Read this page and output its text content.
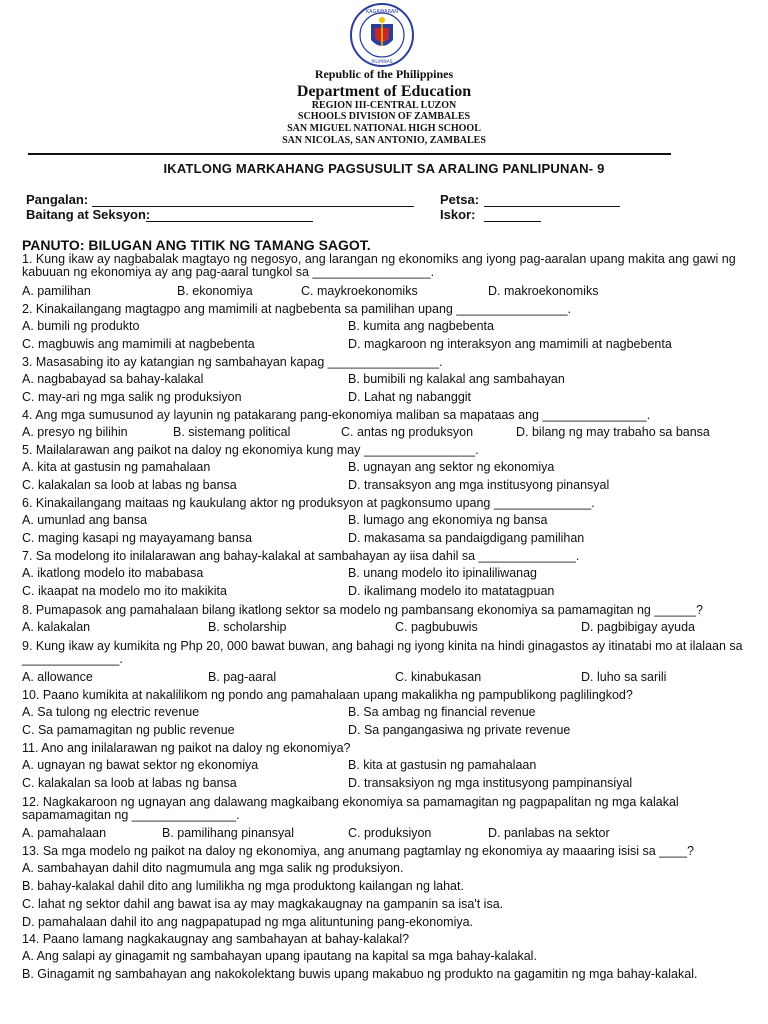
KAGAWARAN
PILIPINAS
Republic of the Philippines
Department of Education
REGION III-CENTRAL LUZON
SCHOOLS DIVISION OF ZAMBALES
SAN MIGUEL NATIONAL HIGH SCHOOL
SAN NICOLAS, SAN ANTONIO, ZAMBALES
IKATLONG MARKAHANG PAGSUSULIT SA ARALING PANLIPUNAN- 9
Pangalan:	Petsa:
Baitang at Seksyon:	Iskor:
PANUTO: BILUGAN ANG TITIK NG TAMANG SAGOT.
1. Kung ikaw ay nagbabalak magtayo ng negosyo, ang larangan ng ekonomiks ang iyong pag-aaralan upang makita ang gawi ng kabuuan ng ekonomiya ay ang pag-aaral tungkol sa _________________.
A. pamilihan	B. ekonomiya	C. maykroekonomiks	D. makroekonomiks
2. Kinakailangang magtagpo ang mamimili at nagbebenta sa pamilihan upang ________________.
A. bumili ng produkto	B. kumita ang nagbebenta
C. magbuwis ang mamimili at nagbebenta	D. magkaroon ng interaksyon ang mamimili at nagbebenta
3. Masasabing ito ay katangian ng sambahayan kapag ________________.
A. nagbabayad sa bahay-kalakal	B. bumibili ng kalakal ang sambahayan
C. may-ari ng mga salik ng produksiyon	D. Lahat ng nabanggit
4. Ang mga sumusunod ay layunin ng patakarang pang-ekonomiya maliban sa mapataas ang _______________.
A. presyo ng bilihin	B. sistemang political	C. antas ng produksyon	D. bilang ng may trabaho sa bansa
5. Mailalarawan ang paikot na daloy ng ekonomiya kung may ________________.
A. kita at gastusin ng pamahalaan	B. ugnayan ang sektor ng ekonomiya
C. kalakalan sa loob at labas ng bansa	D. transaksyon ang mga institusyong pinansyal
6. Kinakailangang maitaas ng kaukulang aktor ng produksyon at pagkonsumo upang ______________.
A. umunlad ang bansa	B. lumago ang ekonomiya ng bansa
C. maging kasapi ng mayayamang bansa	D. makasama sa pandaigdigang pamilihan
7. Sa modelong ito inilalarawan ang bahay-kalakal at sambahayan ay iisa dahil sa ______________.
A. ikatlong modelo ito mababasa	B. unang modelo ito ipinaliliwanag
C. ikaapat na modelo mo ito makikita	D. ikalimang modelo ito matatagpuan
8. Pumapasok ang pamahalaan bilang ikatlong sektor sa modelo ng pambansang ekonomiya sa pamamagitan ng ______?
A. kalakalan	B. scholarship	C. pagbubuwis	D. pagbibigay ayuda
9. Kung ikaw ay kumikita ng Php 20, 000 bawat buwan, ang bahagi ng iyong kinita na hindi ginagastos ay itinatabi mo at ilalaan sa ______________.
A. allowance	B. pag-aaral	C. kinabukasan	D. luho sa sarili
10. Paano kumikita at nakalilikom ng pondo ang pamahalaan upang makalikha ng pampublikong paglilingkod?
A. Sa tulong ng electric revenue	B. Sa ambag ng financial revenue
C. Sa pamamagitan ng public revenue	D. Sa pangangasiwa ng private revenue
11. Ano ang inilalarawan ng paikot na daloy ng ekonomiya?
A. ugnayan ng bawat sektor ng ekonomiya	B. kita at gastusin ng pamahalaan
C. kalakalan sa loob at labas ng bansa	D. transaksiyon ng mga institusyong pampinansiyal
12. Nagkakaroon ng ugnayan ang dalawang magkaibang ekonomiya sa pamamagitan ng pagpapalitan ng mga kalakal sapamamagitan ng _______________.
A. pamahalaan	B. pamilihang pinansyal	C. produksiyon	D. panlabas na sektor
13. Sa mga modelo ng paikot na daloy ng ekonomiya, ang anumang pagtamlay ng ekonomiya ay maaaring isisi sa ____?
A. sambahayan dahil dito nagmumula ang mga salik ng produksiyon.
B. bahay-kalakal dahil dito ang lumilikha ng mga produktong kailangan ng lahat.
C. lahat ng sektor dahil ang bawat isa ay may magkakaugnay na gampanin sa isa't isa.
D. pamahalaan dahil ito ang nagpapatupad ng mga alituntuning pang-ekonomiya.
14. Paano lamang nagkakaugnay ang sambahayan at bahay-kalakal?
A. Ang salapi ay ginagamit ng sambahayan upang ipautang na kapital sa mga bahay-kalakal.
B. Ginagamit ng sambahayan ang nakokolektang buwis upang makabuo ng produkto na gagamitin ng mga bahay-kalakal.
